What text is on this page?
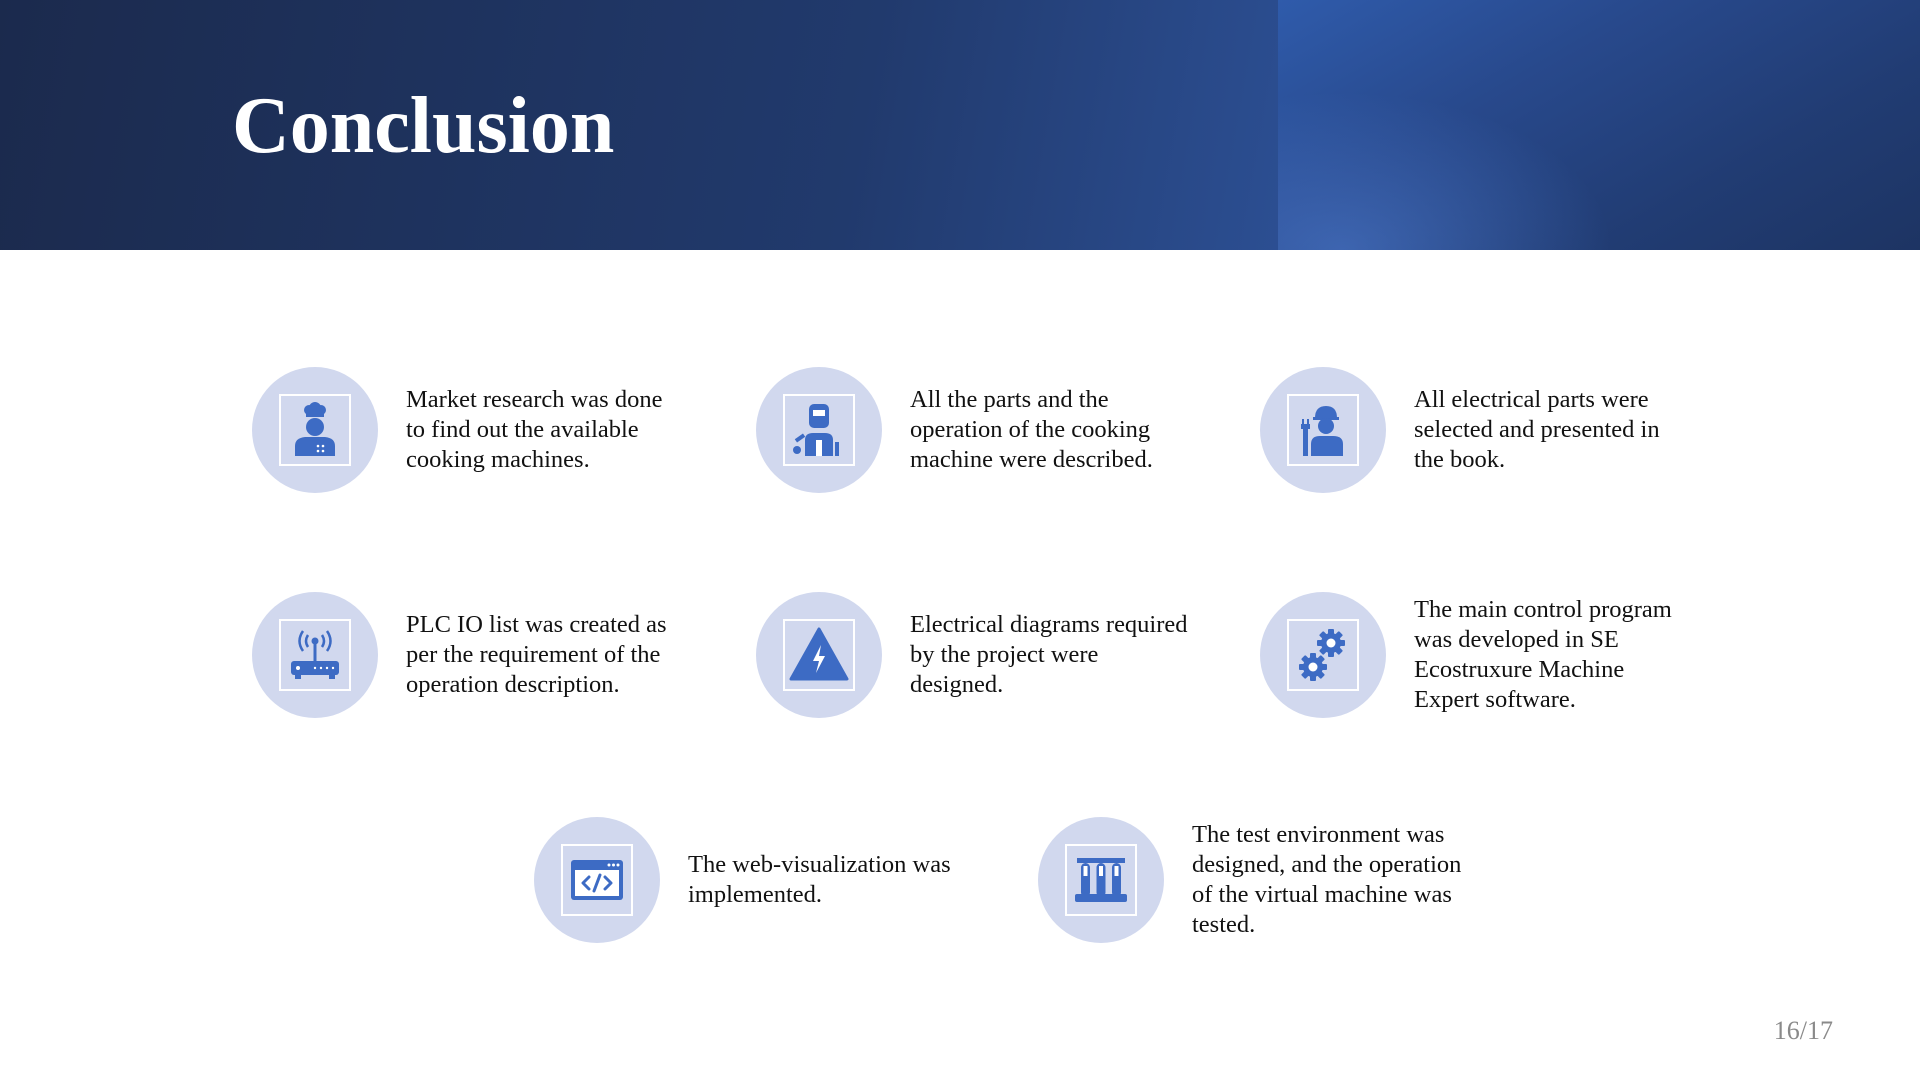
Conclusion
Market research was done
to find out the available
cooking machines.
All the parts and the
operation of the cooking
machine were described.
All electrical parts were
selected and presented in
the book.
PLC IO list was created as
per the requirement of the
operation description.
Electrical diagrams required
by the project were
designed.
The main control program
was developed in SE
Ecostruxure Machine
Expert software.
The web-visualization was
implemented.
The test environment was
designed, and the operation
of the virtual machine was
tested.
16/17
